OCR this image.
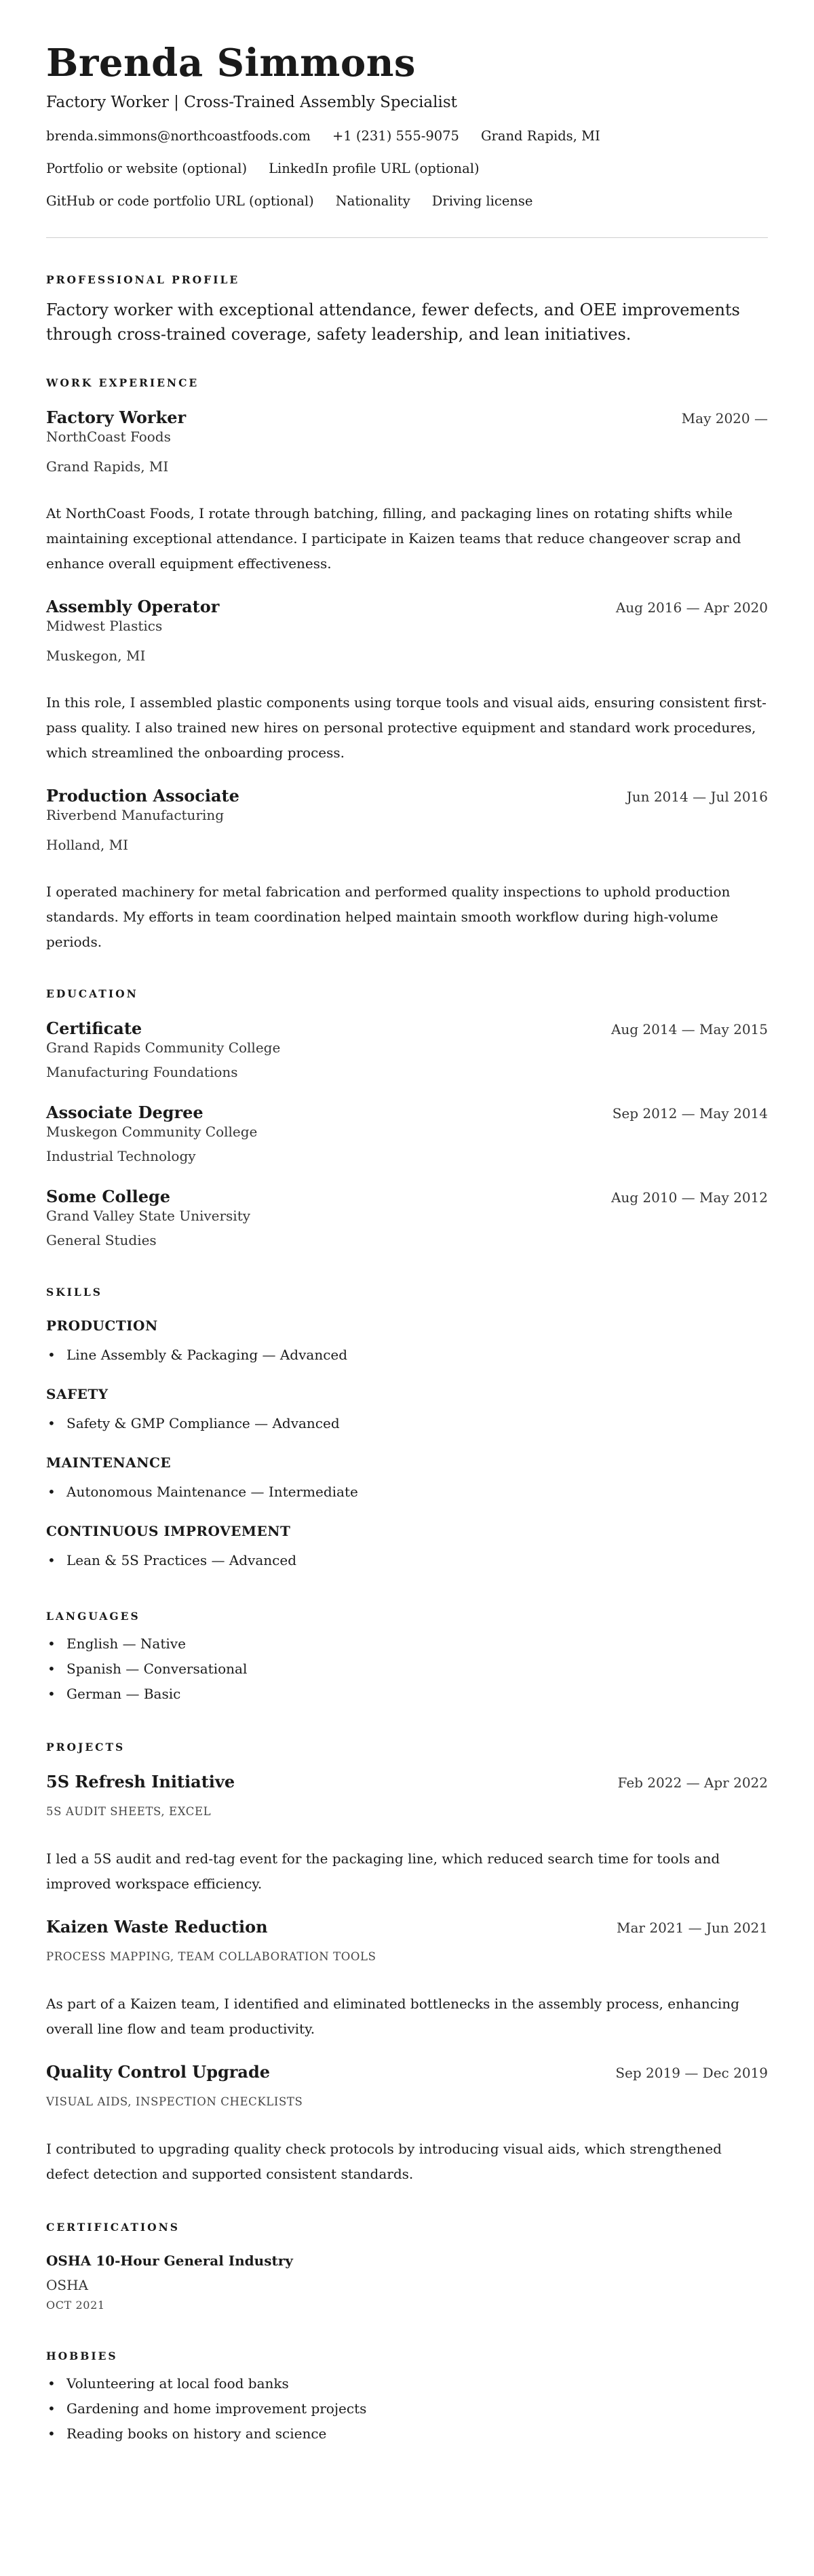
Brenda Simmons
Factory Worker | Cross-Trained Assembly Specialist
brenda.simmons@northcoastfoods.com +1 (231) 555-9075 Grand Rapids, MI
Portfolio or website (optional) LinkedIn profile URL (optional)
GitHub or code portfolio URL (optional) Nationality Driving license
PROFESSIONAL PROFILE
Factory worker with exceptional attendance, fewer defects, and OEE improvements through cross-trained coverage, safety leadership, and lean initiatives.
WORK EXPERIENCE
Factory Worker	May 2020 —
NorthCoast Foods
Grand Rapids, MI
At NorthCoast Foods, I rotate through batching, filling, and packaging lines on rotating shifts while maintaining exceptional attendance. I participate in Kaizen teams that reduce changeover scrap and enhance overall equipment effectiveness.
Assembly Operator	Aug 2016 — Apr 2020
Midwest Plastics
Muskegon, MI
In this role, I assembled plastic components using torque tools and visual aids, ensuring consistent first-pass quality. I also trained new hires on personal protective equipment and standard work procedures, which streamlined the onboarding process.
Production Associate	Jun 2014 — Jul 2016
Riverbend Manufacturing
Holland, MI
I operated machinery for metal fabrication and performed quality inspections to uphold production standards. My efforts in team coordination helped maintain smooth workflow during high-volume periods.
EDUCATION
Certificate	Aug 2014 — May 2015
Grand Rapids Community College
Manufacturing Foundations
Associate Degree	Sep 2012 — May 2014
Muskegon Community College
Industrial Technology
Some College	Aug 2010 — May 2012
Grand Valley State University
General Studies
SKILLS
PRODUCTION
• Line Assembly & Packaging — Advanced
SAFETY
• Safety & GMP Compliance — Advanced
MAINTENANCE
• Autonomous Maintenance — Intermediate
CONTINUOUS IMPROVEMENT
• Lean & 5S Practices — Advanced
LANGUAGES
• English — Native
• Spanish — Conversational
• German — Basic
PROJECTS
5S Refresh Initiative	Feb 2022 — Apr 2022
5S AUDIT SHEETS, EXCEL
I led a 5S audit and red-tag event for the packaging line, which reduced search time for tools and improved workspace efficiency.
Kaizen Waste Reduction	Mar 2021 — Jun 2021
PROCESS MAPPING, TEAM COLLABORATION TOOLS
As part of a Kaizen team, I identified and eliminated bottlenecks in the assembly process, enhancing overall line flow and team productivity.
Quality Control Upgrade	Sep 2019 — Dec 2019
VISUAL AIDS, INSPECTION CHECKLISTS
I contributed to upgrading quality check protocols by introducing visual aids, which strengthened defect detection and supported consistent standards.
CERTIFICATIONS
OSHA 10-Hour General Industry
OSHA
OCT 2021
HOBBIES
• Volunteering at local food banks
• Gardening and home improvement projects
• Reading books on history and science
